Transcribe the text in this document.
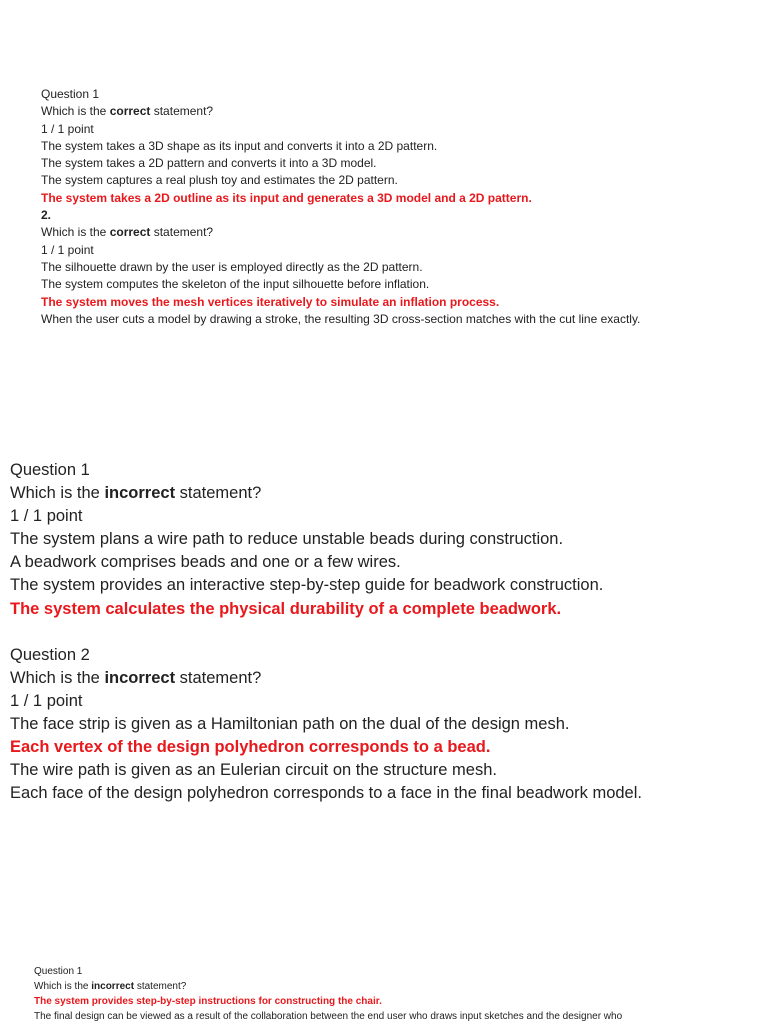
Question 1
Which is the correct statement?
1 / 1 point
The system takes a 3D shape as its input and converts it into a 2D pattern.
The system takes a 2D pattern and converts it into a 3D model.
The system captures a real plush toy and estimates the 2D pattern.
The system takes a 2D outline as its input and generates a 3D model and a 2D pattern.
2.
Which is the correct statement?
1 / 1 point
The silhouette drawn by the user is employed directly as the 2D pattern.
The system computes the skeleton of the input silhouette before inflation.
The system moves the mesh vertices iteratively to simulate an inflation process.
When the user cuts a model by drawing a stroke, the resulting 3D cross-section matches with the cut line exactly.
Question 1
Which is the incorrect statement?
1 / 1 point
The system plans a wire path to reduce unstable beads during construction.
A beadwork comprises beads and one or a few wires.
The system provides an interactive step-by-step guide for beadwork construction.
The system calculates the physical durability of a complete beadwork.
Question 2
Which is the incorrect statement?
1 / 1 point
The face strip is given as a Hamiltonian path on the dual of the design mesh.
Each vertex of the design polyhedron corresponds to a bead.
The wire path is given as an Eulerian circuit on the structure mesh.
Each face of the design polyhedron corresponds to a face in the final beadwork model.
Question 1
Which is the incorrect statement?
The system provides step-by-step instructions for constructing the chair.
The final design can be viewed as a result of the collaboration between the end user who draws input sketches and the designer who
